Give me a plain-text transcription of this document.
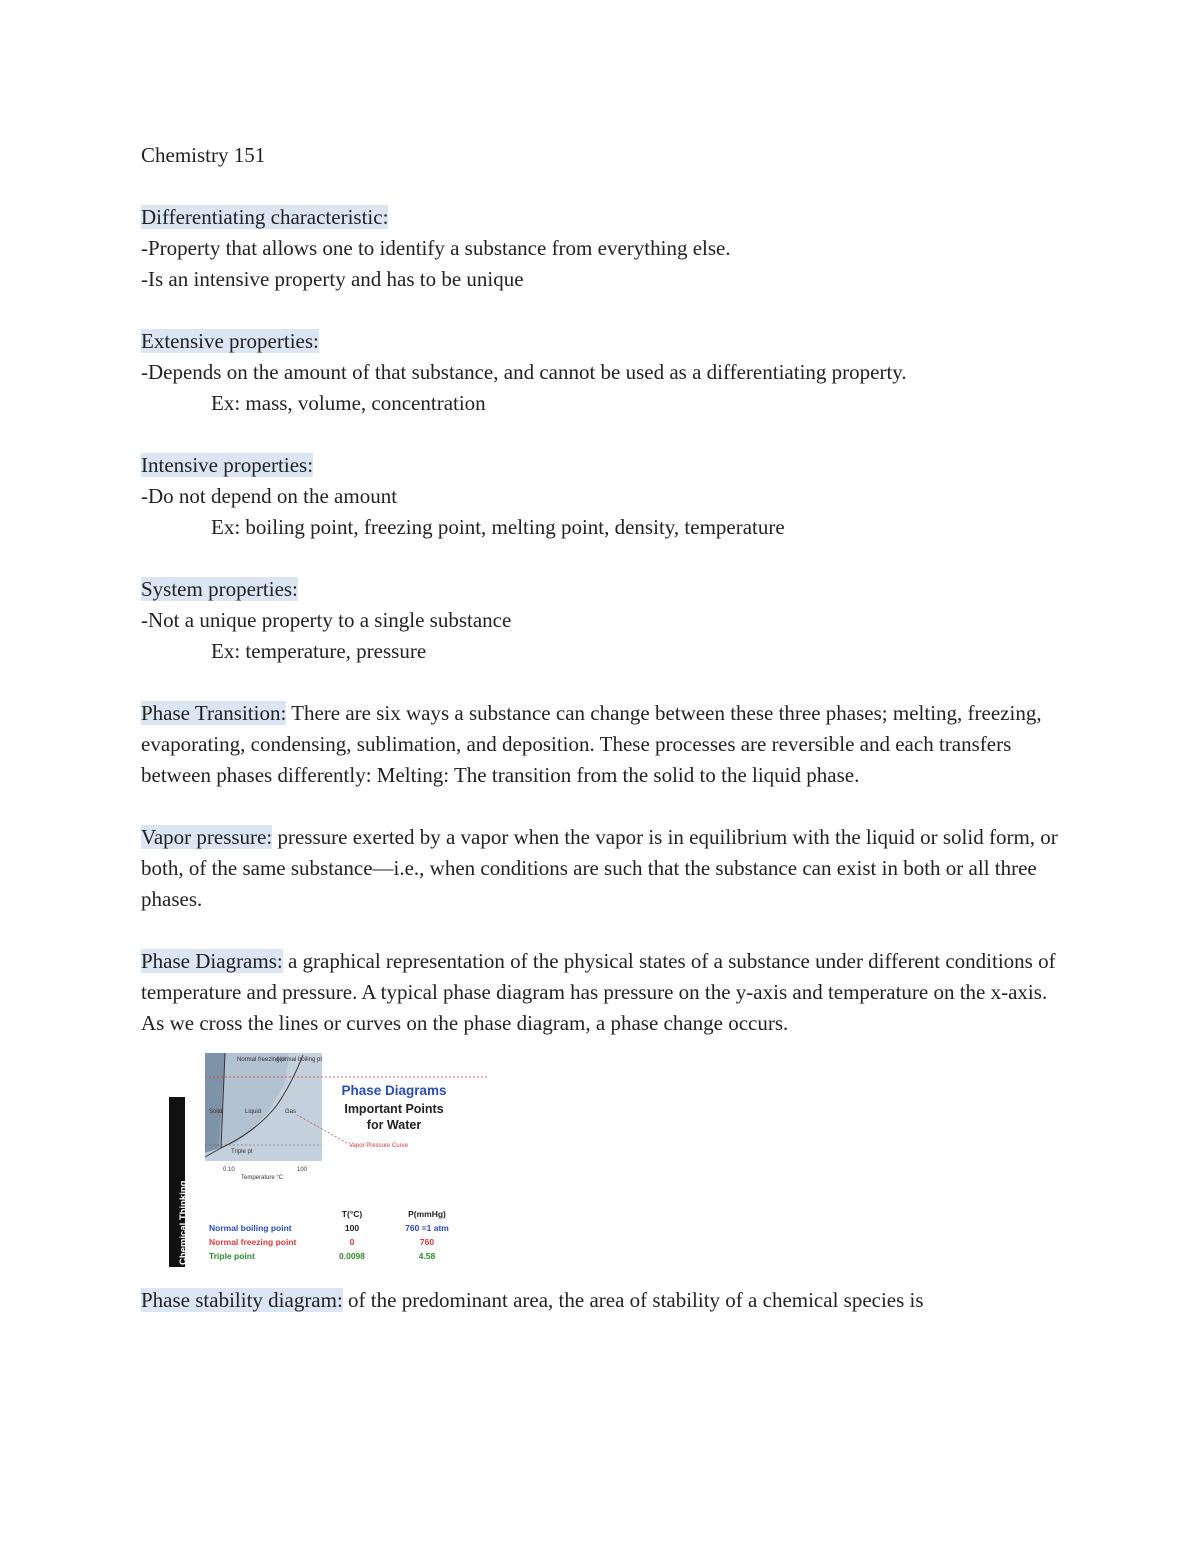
Chemistry 151
Differentiating characteristic:
-Property that allows one to identify a substance from everything else.
-Is an intensive property and has to be unique
Extensive properties:
-Depends on the amount of that substance, and cannot be used as a differentiating property.
Ex: mass, volume, concentration
Intensive properties:
-Do not depend on the amount
Ex: boiling point, freezing point, melting point, density, temperature
System properties:
-Not a unique property to a single substance
Ex: temperature, pressure
Phase Transition: There are six ways a substance can change between these three phases; melting, freezing, evaporating, condensing, sublimation, and deposition. These processes are reversible and each transfers between phases differently: Melting: The transition from the solid to the liquid phase.
Vapor pressure: pressure exerted by a vapor when the vapor is in equilibrium with the liquid or solid form, or both, of the same substance—i.e., when conditions are such that the substance can exist in both or all three phases.
Phase Diagrams: a graphical representation of the physical states of a substance under different conditions of temperature and pressure. A typical phase diagram has pressure on the y-axis and temperature on the x-axis. As we cross the lines or curves on the phase diagram, a phase change occurs.
Chemical Thinking
Normal freezing pt
Normal boiling pt
Solid	Liquid	Gas
Triple pt
Vapor Pressure Curve
0.10	100
Temperature °C
Phase Diagrams
Important Points
for Water
T(°C)	P(mmHg)
Normal boiling point	100	760 =1 atm
Normal freezing point	0	760
Triple point	0.0098	4.58
Phase stability diagram: of the predominant area, the area of stability of a chemical species is
